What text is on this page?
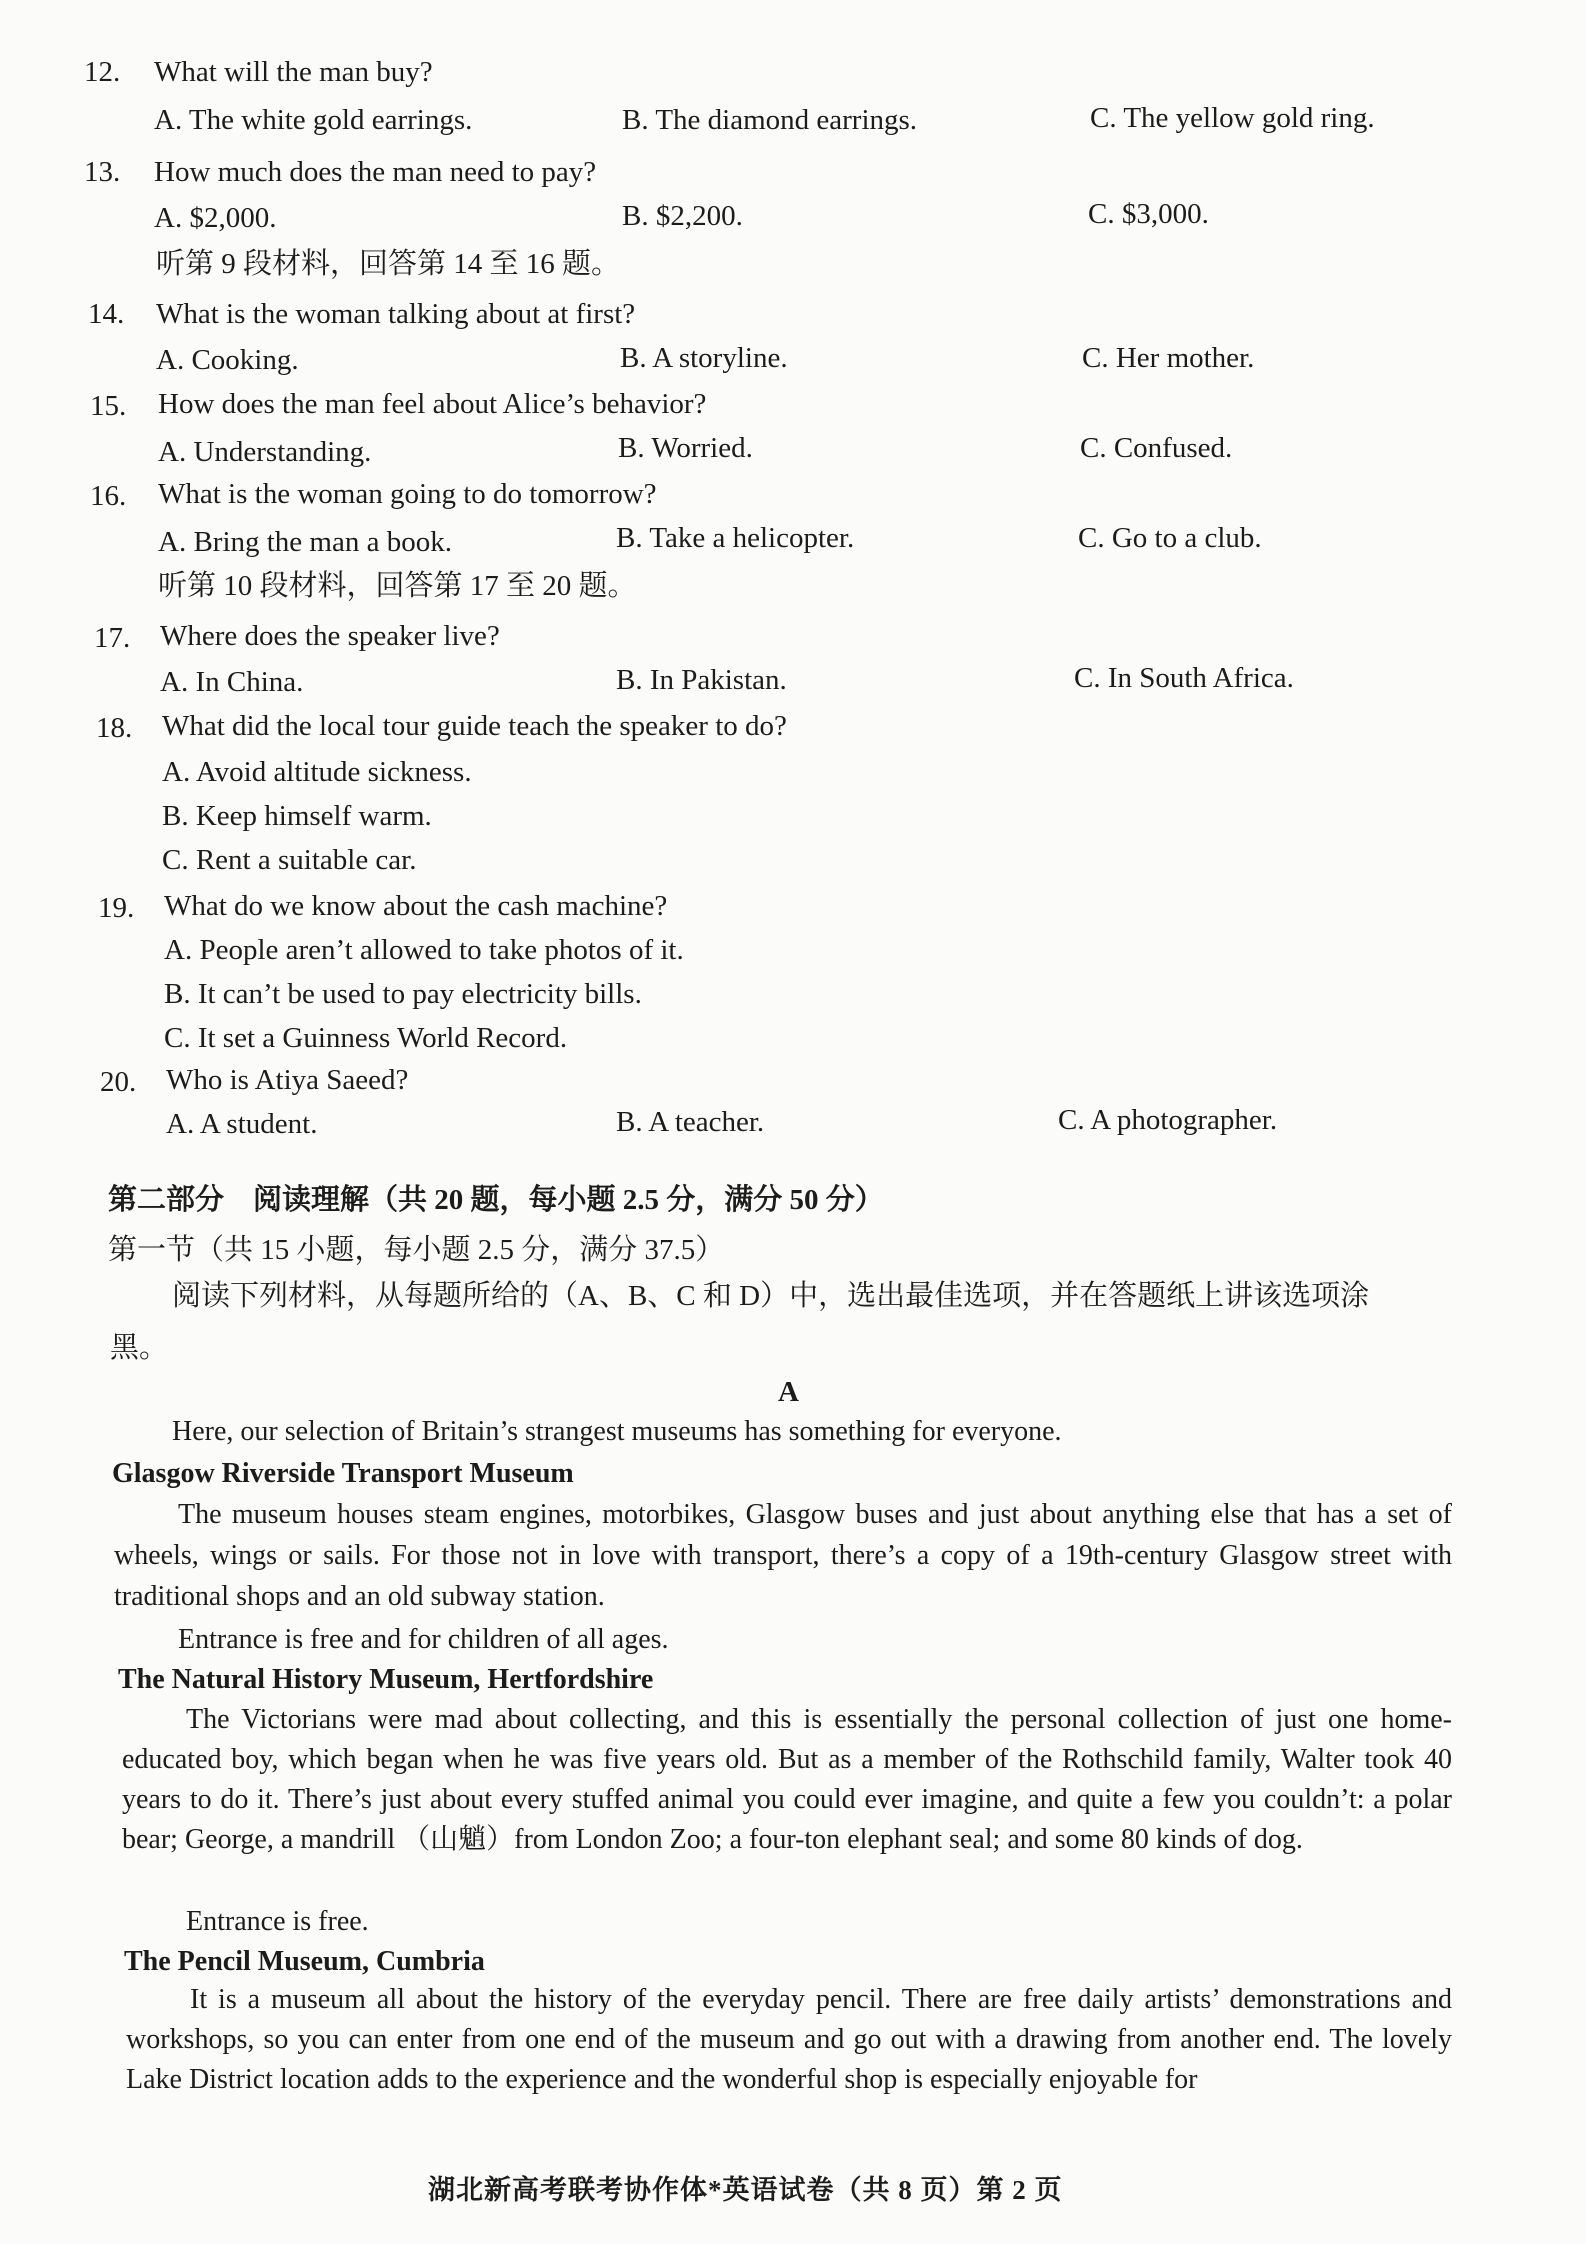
12.	What will the man buy?
A. The white gold earrings.	B. The diamond earrings.	C. The yellow gold ring.
13.	How much does the man need to pay?
A. $2,000.	B. $2,200.	C. $3,000.
听第 9 段材料，回答第 14 至 16 题。
14.	What is the woman talking about at first?
A. Cooking.	B. A storyline.	C. Her mother.
15.	How does the man feel about Alice’s behavior?
A. Understanding.	B. Worried.	C. Confused.
16.	What is the woman going to do tomorrow?
A. Bring the man a book.	B. Take a helicopter.	C. Go to a club.
听第 10 段材料，回答第 17 至 20 题。
17.	Where does the speaker live?
A. In China.	B. In Pakistan.	C. In South Africa.
18.	What did the local tour guide teach the speaker to do?
A. Avoid altitude sickness.
B. Keep himself warm.
C. Rent a suitable car.
19.	What do we know about the cash machine?
A. People aren’t allowed to take photos of it.
B. It can’t be used to pay electricity bills.
C. It set a Guinness World Record.
20.	Who is Atiya Saeed?
A. A student.	B. A teacher.	C. A photographer.
第二部分　阅读理解（共 20 题，每小题 2.5 分，满分 50 分）
第一节（共 15 小题，每小题 2.5 分，满分 37.5）
阅读下列材料，从每题所给的（A、B、C 和 D）中，选出最佳选项，并在答题纸上讲该选项涂
黑。
A
Here, our selection of Britain’s strangest museums has something for everyone.
Glasgow Riverside Transport Museum
The museum houses steam engines, motorbikes, Glasgow buses and just about anything else that has a set of wheels, wings or sails. For those not in love with transport, there’s a copy of a 19th-century Glasgow street with traditional shops and an old subway station.
Entrance is free and for children of all ages.
The Natural History Museum, Hertfordshire
The Victorians were mad about collecting, and this is essentially the personal collection of just one home-educated boy, which began when he was five years old. But as a member of the Rothschild family, Walter took 40 years to do it. There’s just about every stuffed animal you could ever imagine, and quite a few you couldn’t: a polar bear; George, a mandrill （山魈）from London Zoo; a four-ton elephant seal; and some 80 kinds of dog.
Entrance is free.
The Pencil Museum, Cumbria
It is a museum all about the history of the everyday pencil. There are free daily artists’ demonstrations and workshops, so you can enter from one end of the museum and go out with a drawing from another end. The lovely Lake District location adds to the experience and the wonderful shop is especially enjoyable for
湖北新高考联考协作体*英语试卷（共 8 页）第 2 页
